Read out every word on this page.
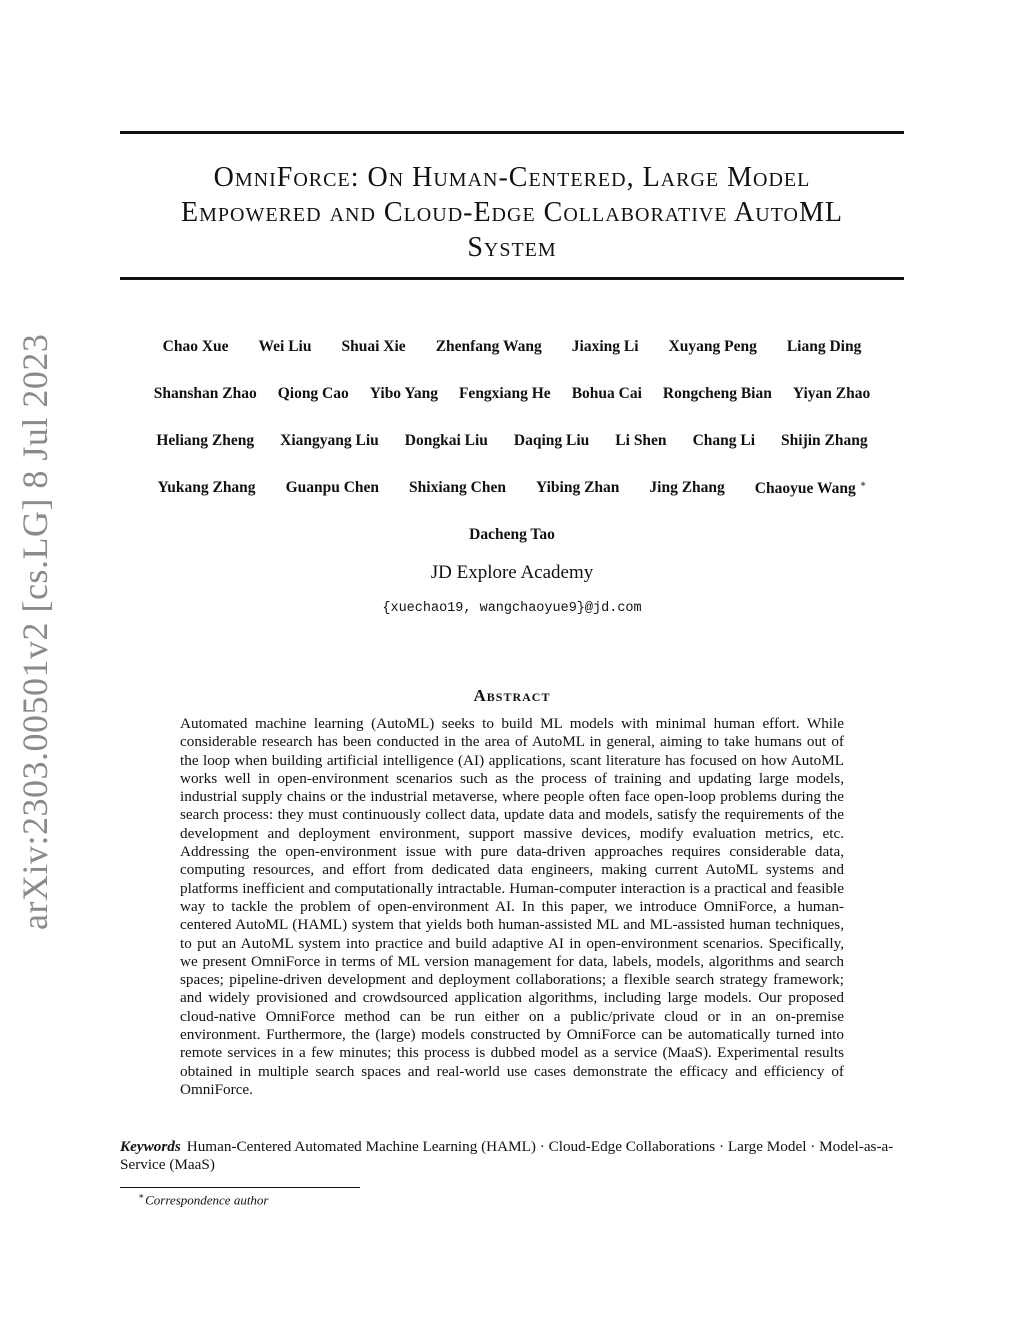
arXiv:2303.00501v2 [cs.LG] 8 Jul 2023
OmniForce: On Human-Centered, Large Model
Empowered and Cloud-Edge Collaborative AutoML
System
Chao Xue Wei Liu Shuai Xie Zhenfang Wang Jiaxing Li Xuyang Peng Liang Ding
Shanshan Zhao Qiong Cao Yibo Yang Fengxiang He Bohua Cai Rongcheng Bian Yiyan Zhao
Heliang Zheng Xiangyang Liu Dongkai Liu Daqing Liu Li Shen Chang Li Shijin Zhang
Yukang Zhang Guanpu Chen Shixiang Chen Yibing Zhan Jing Zhang Chaoyue Wang ∗
Dacheng Tao
JD Explore Academy
{xuechao19, wangchaoyue9}@jd.com
Abstract
Automated machine learning (AutoML) seeks to build ML models with minimal human effort. While considerable research has been conducted in the area of AutoML in general, aiming to take humans out of the loop when building artificial intelligence (AI) applications, scant literature has focused on how AutoML works well in open-environment scenarios such as the process of training and updating large models, industrial supply chains or the industrial metaverse, where people often face open-loop problems during the search process: they must continuously collect data, update data and models, satisfy the requirements of the development and deployment environment, support massive devices, modify evaluation metrics, etc. Addressing the open-environment issue with pure data-driven approaches requires considerable data, computing resources, and effort from dedicated data engineers, making current AutoML systems and platforms inefficient and computationally intractable. Human-computer interaction is a practical and feasible way to tackle the problem of open-environment AI. In this paper, we introduce OmniForce, a human-centered AutoML (HAML) system that yields both human-assisted ML and ML-assisted human techniques, to put an AutoML system into practice and build adaptive AI in open-environment scenarios. Specifically, we present OmniForce in terms of ML version management for data, labels, models, algorithms and search spaces; pipeline-driven development and deployment collaborations; a flexible search strategy framework; and widely provisioned and crowdsourced application algorithms, including large models. Our proposed cloud-native OmniForce method can be run either on a public/private cloud or in an on-premise environment. Furthermore, the (large) models constructed by OmniForce can be automatically turned into remote services in a few minutes; this process is dubbed model as a service (MaaS). Experimental results obtained in multiple search spaces and real-world use cases demonstrate the efficacy and efficiency of OmniForce.
Keywords Human-Centered Automated Machine Learning (HAML) · Cloud-Edge Collaborations · Large Model · Model-as-a-Service (MaaS)
∗Correspondence author
